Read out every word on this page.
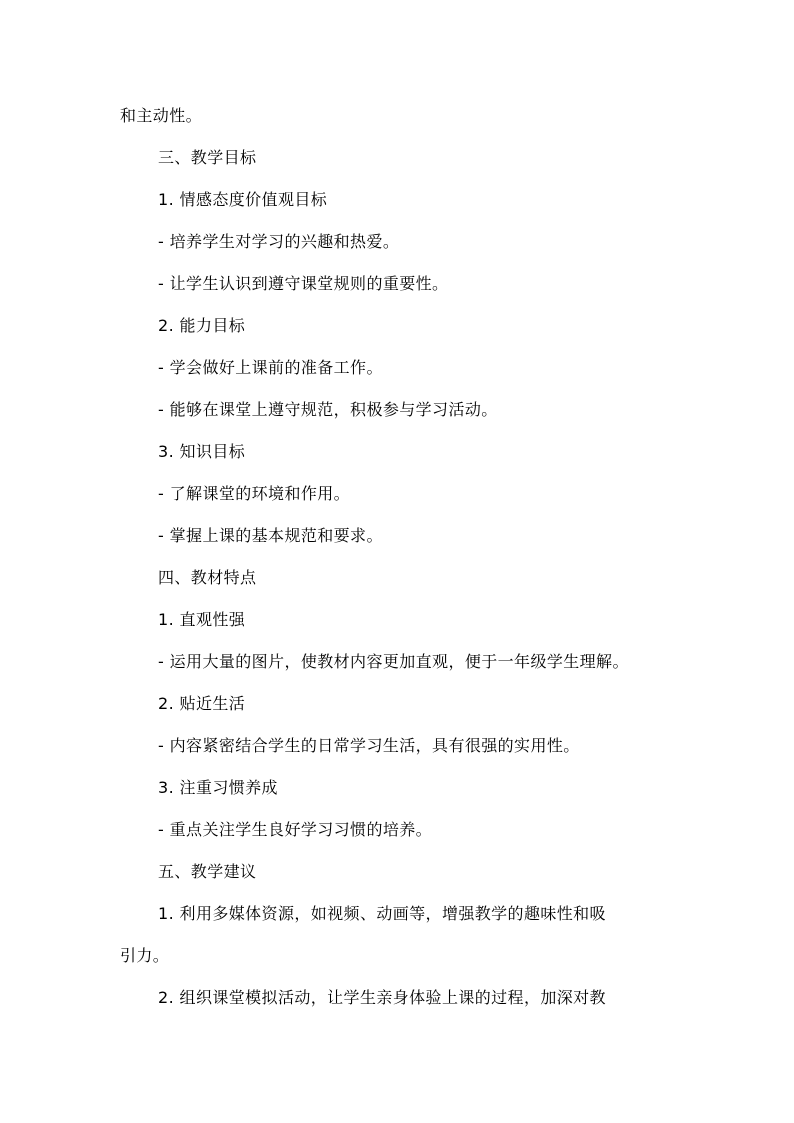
和主动性。
三、教学目标
1. 情感态度价值观目标
- 培养学生对学习的兴趣和热爱。
- 让学生认识到遵守课堂规则的重要性。
2. 能力目标
- 学会做好上课前的准备工作。
- 能够在课堂上遵守规范，积极参与学习活动。
3. 知识目标
- 了解课堂的环境和作用。
- 掌握上课的基本规范和要求。
四、教材特点
1. 直观性强
- 运用大量的图片，使教材内容更加直观，便于一年级学生理解。
2. 贴近生活
- 内容紧密结合学生的日常学习生活，具有很强的实用性。
3. 注重习惯养成
- 重点关注学生良好学习习惯的培养。
五、教学建议
1. 利用多媒体资源，如视频、动画等，增强教学的趣味性和吸
引力。
2. 组织课堂模拟活动，让学生亲身体验上课的过程，加深对教
